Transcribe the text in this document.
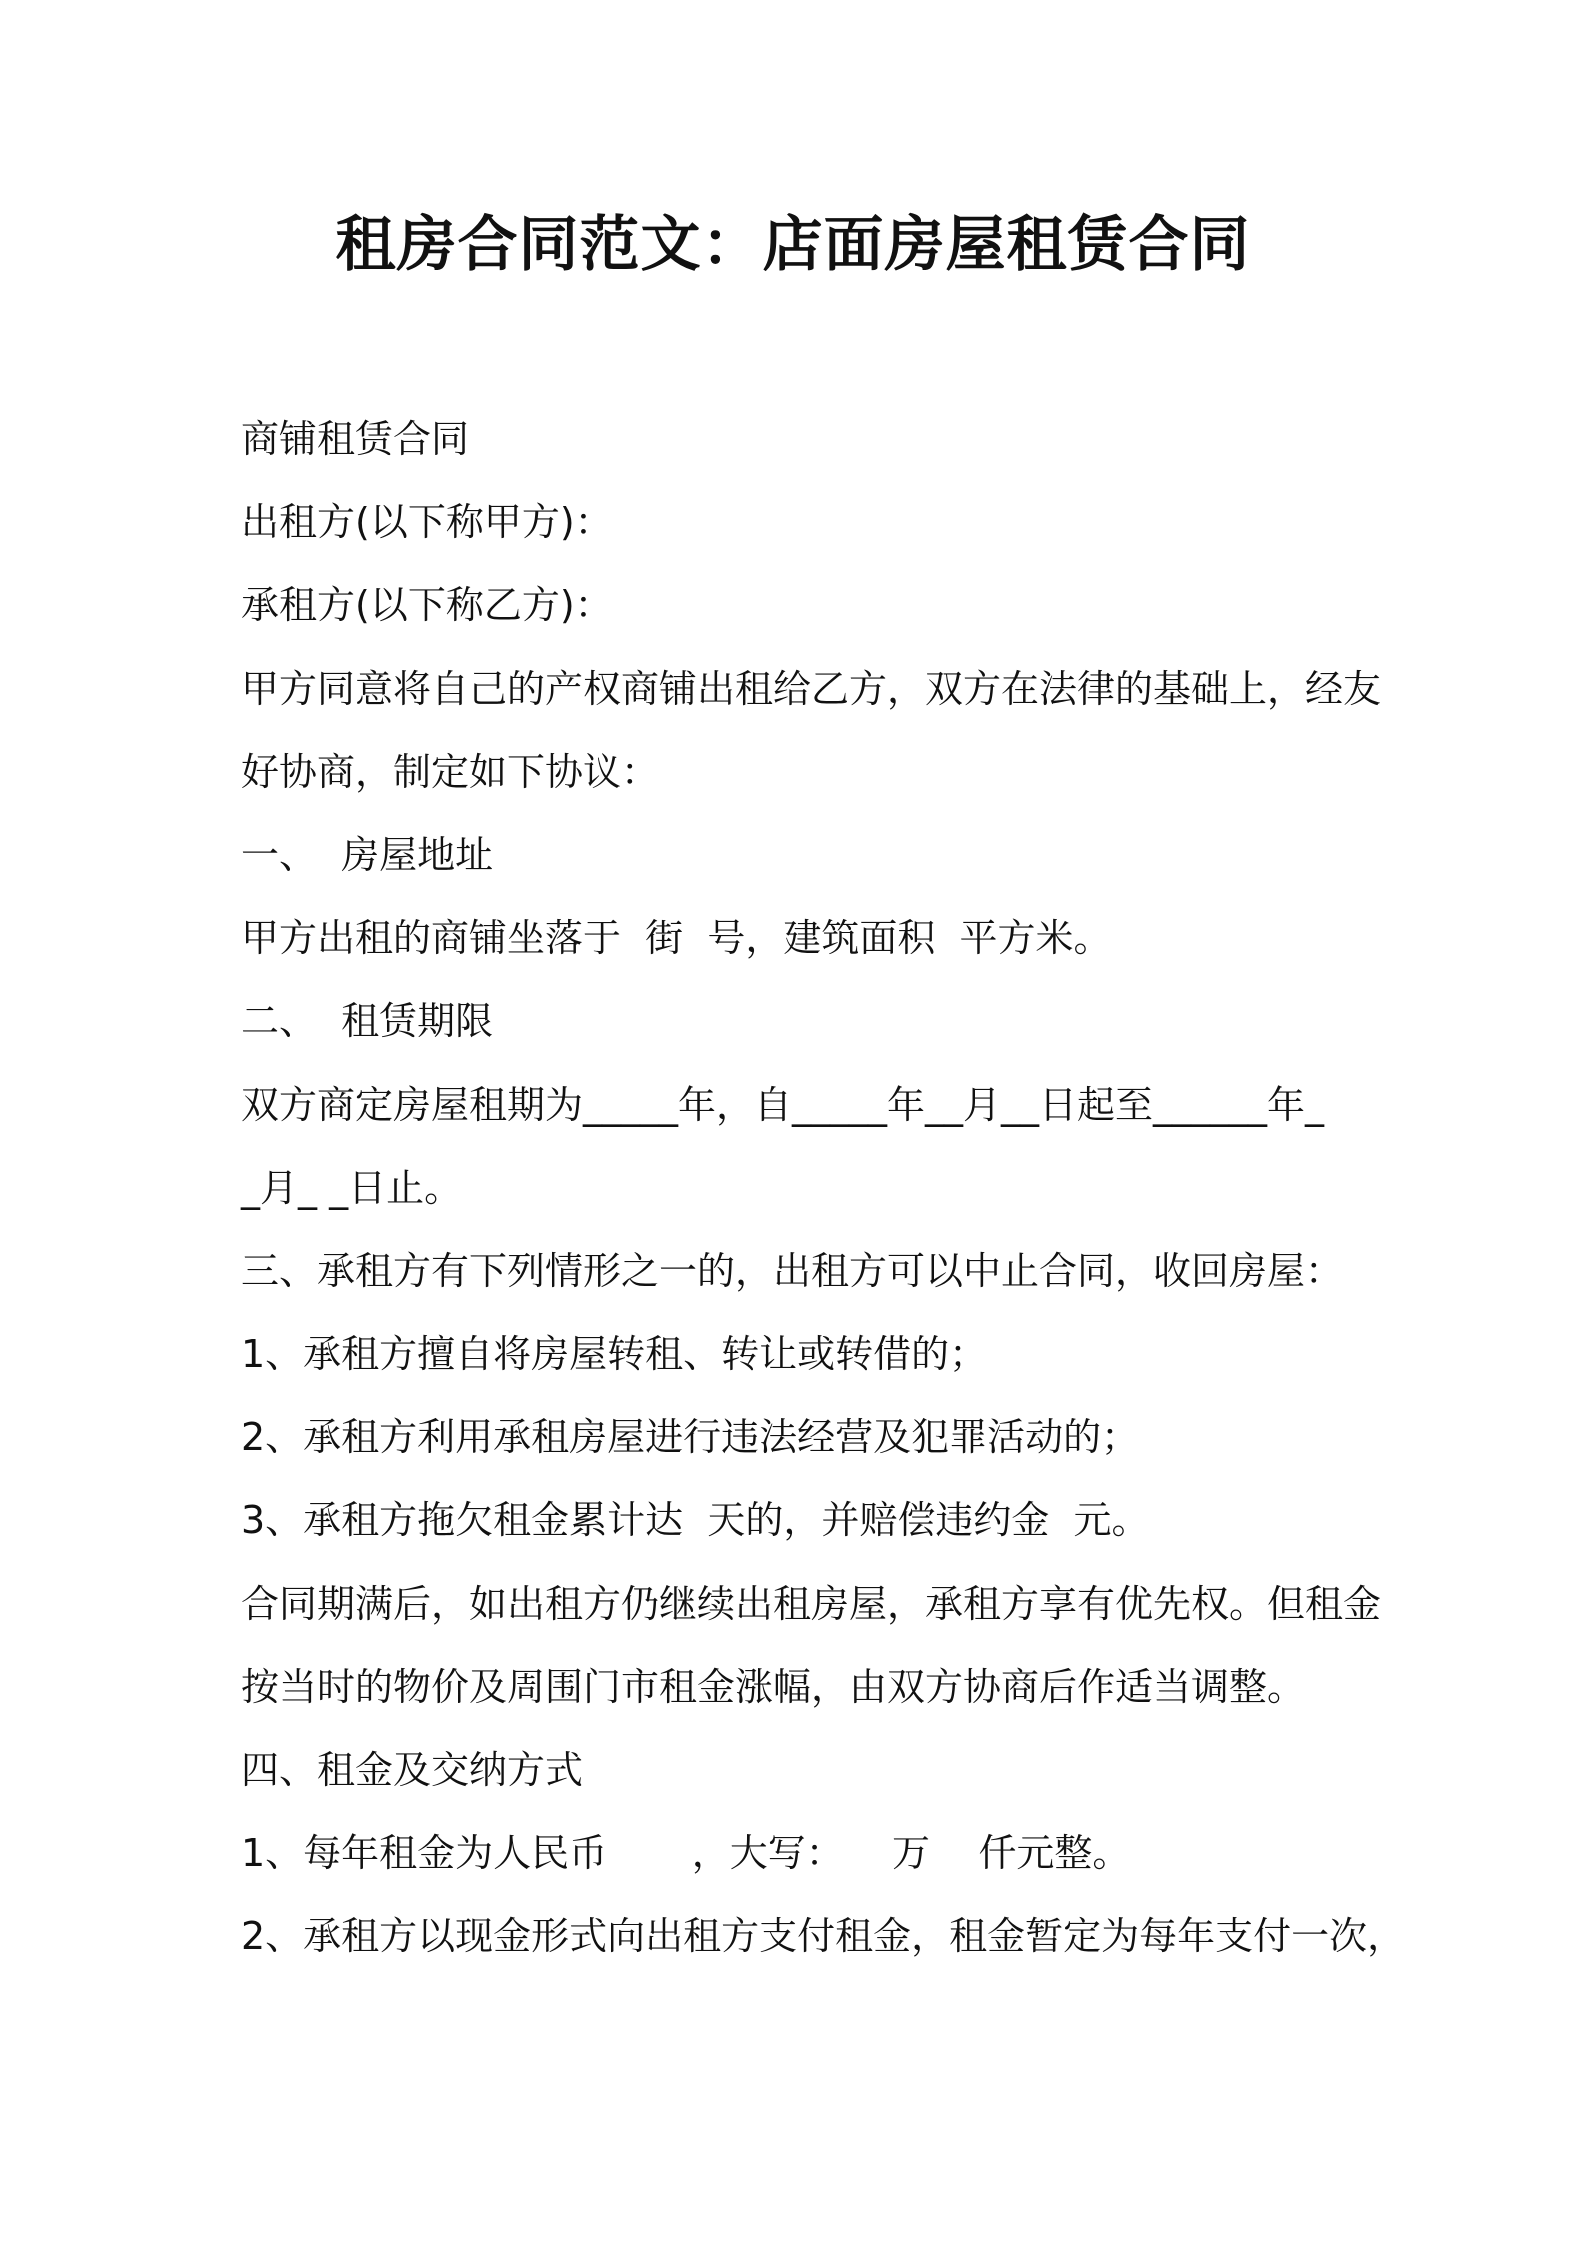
租房合同范文：店面房屋租赁合同

商铺租赁合同

出租方(以下称甲方)：

承租方(以下称乙方)：

甲方同意将自己的产权商铺出租给乙方，双方在法律的基础上，经友

好协商，制定如下协议：

一、  房屋地址

甲方出租的商铺坐落于  街  号，建筑面积  平方米。

二、  租赁期限

双方商定房屋租期为_____年，自_____年__月__日起至______年_

_月_ _日止。

三、承租方有下列情形之一的，出租方可以中止合同，收回房屋：

1、承租方擅自将房屋转租、转让或转借的；

2、承租方利用承租房屋进行违法经营及犯罪活动的；

3、承租方拖欠租金累计达  天的，并赔偿违约金  元。

合同期满后，如出租方仍继续出租房屋，承租方享有优先权。但租金

按当时的物价及周围门市租金涨幅，由双方协商后作适当调整。

四、租金及交纳方式

1、每年租金为人民币       ，大写：    万    仟元整。

2、承租方以现金形式向出租方支付租金，租金暂定为每年支付一次，
